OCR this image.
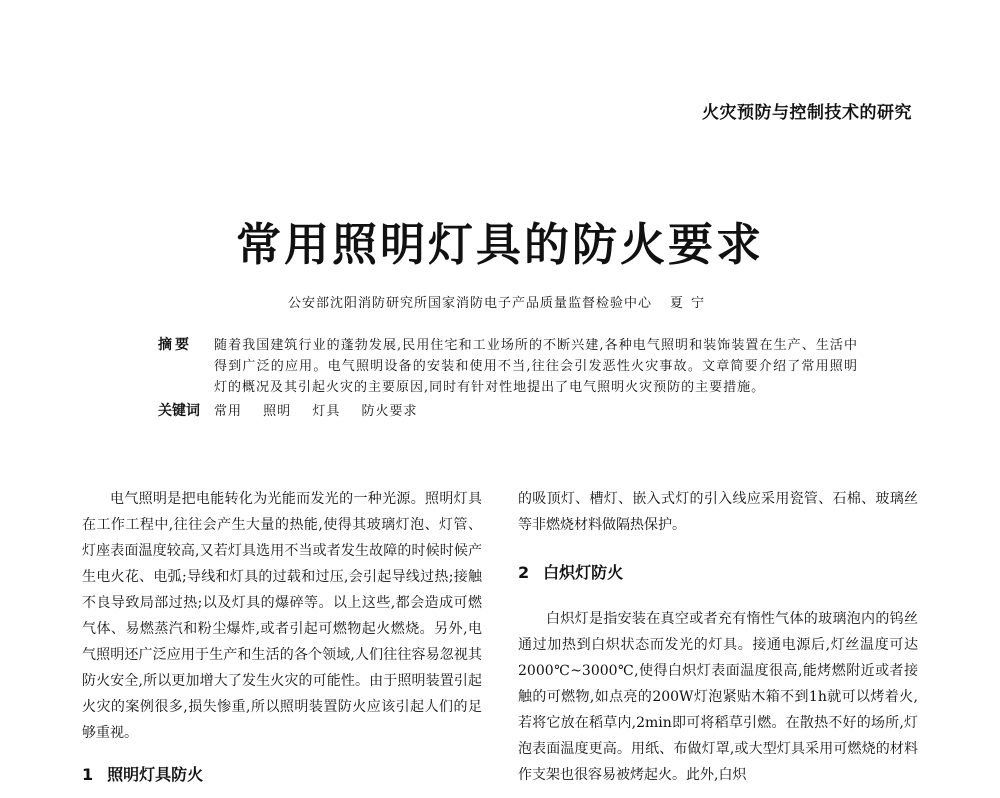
火灾预防与控制技术的研究
常用照明灯具的防火要求
公安部沈阳消防研究所国家消防电子产品质量监督检验中心 夏宁
摘要	随着我国建筑行业的蓬勃发展,民用住宅和工业场所的不断兴建,各种电气照明和装饰装置在生产、生活中得到广泛的应用。电气照明设备的安装和使用不当,往往会引发恶性火灾事故。文章简要介绍了常用照明灯的概况及其引起火灾的主要原因,同时有针对性地提出了电气照明火灾预防的主要措施。
关键词	常用 照明 灯具 防火要求

电气照明是把电能转化为光能而发光的一种光源。照明灯具在工作工程中,往往会产生大量的热能,使得其玻璃灯泡、灯管、灯座表面温度较高,又若灯具选用不当或者发生故障的时候时候产生电火花、电弧;导线和灯具的过载和过压,会引起导线过热;接触不良导致局部过热;以及灯具的爆碎等。以上这些,都会造成可燃气体、易燃蒸汽和粉尘爆炸,或者引起可燃物起火燃烧。另外,电气照明还广泛应用于生产和生活的各个领域,人们往往容易忽视其防火安全,所以更加增大了发生火灾的可能性。由于照明装置引起火灾的案例很多,损失惨重,所以照明装置防火应该引起人们的足够重视。

1 照明灯具防火

的吸顶灯、槽灯、嵌入式灯的引入线应采用瓷管、石棉、玻璃丝等非燃烧材料做隔热保护。

2 白炽灯防火

白炽灯是指安装在真空或者充有惰性气体的玻璃泡内的钨丝通过加热到白炽状态而发光的灯具。接通电源后,灯丝温度可达2000℃~3000℃,使得白炽灯表面温度很高,能烤燃附近或者接触的可燃物,如点亮的200W灯泡紧贴木箱不到1h就可以烤着火,若将它放在稻草内,2min即可将稻草引燃。在散热不好的场所,灯泡表面温度更高。用纸、布做灯罩,或大型灯具采用可燃烧的材料作支架也很容易被烤起火。此外,白炽
